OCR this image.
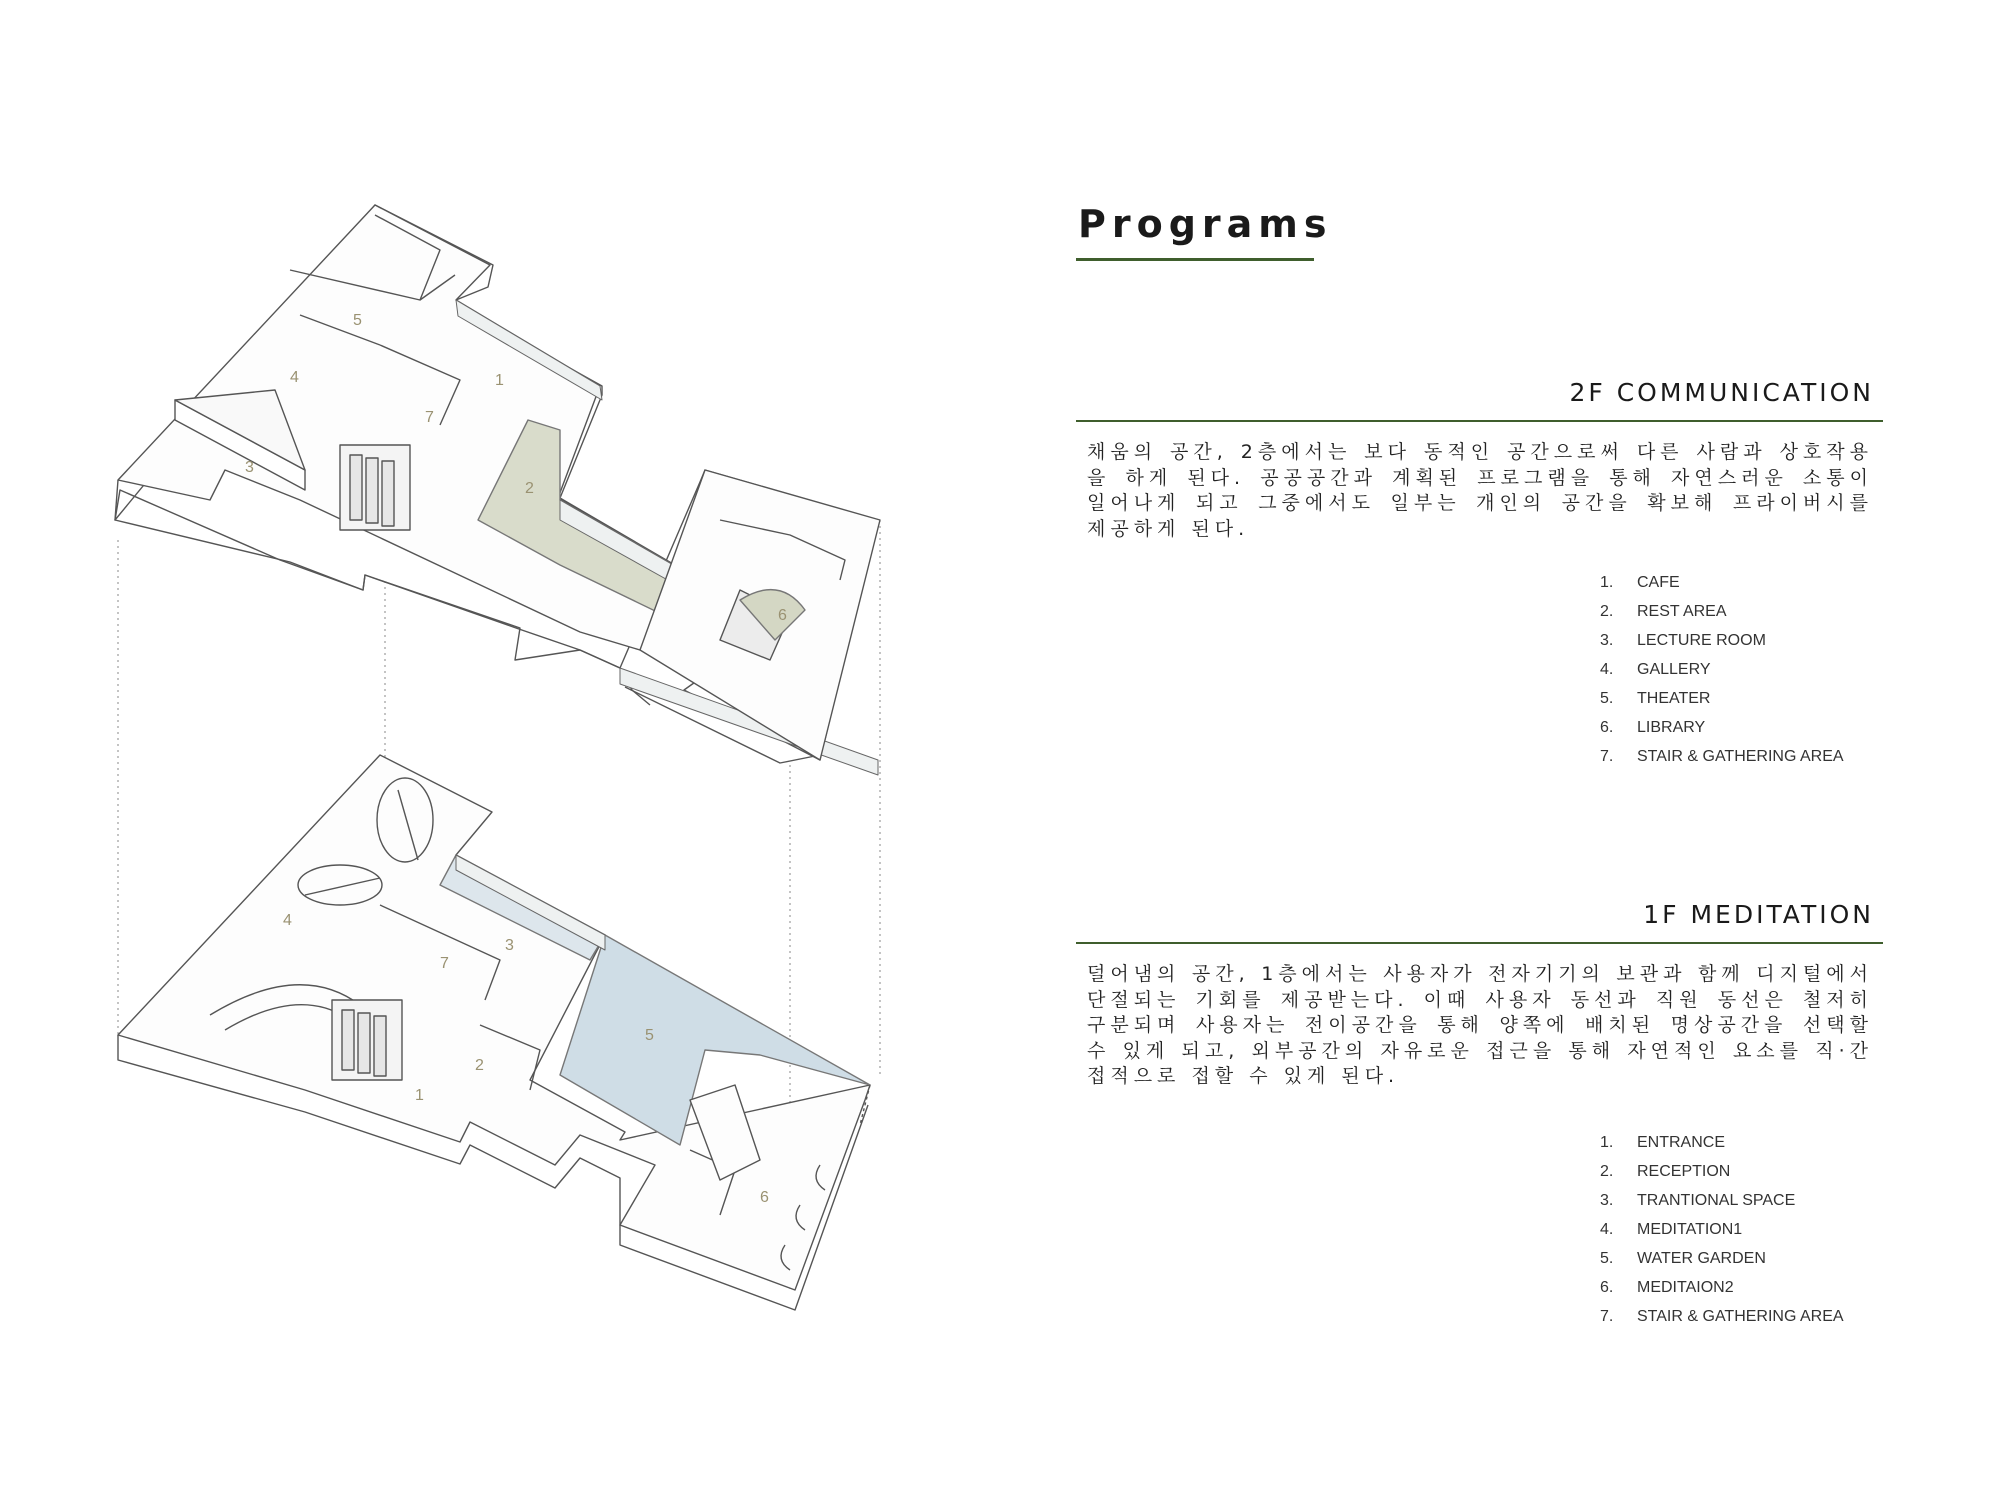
1
2
3
4
5
6
7
1
2
3
4
5
6
7
Programs
2F COMMUNICATION
채움의 공간, 2층에서는 보다 동적인 공간으로써 다른 사람과 상호작용을 하게 된다. 공공공간과 계획된 프로그램을 통해 자연스러운 소통이 일어나게 되고 그중에서도 일부는 개인의 공간을 확보해 프라이버시를 제공하게 된다.
1.	CAFE
2.	REST AREA
3.	LECTURE ROOM
4.	GALLERY
5.	THEATER
6.	LIBRARY
7.	STAIR & GATHERING AREA
1F MEDITATION
덜어냄의 공간, 1층에서는 사용자가 전자기기의 보관과 함께 디지털에서 단절되는 기회를 제공받는다. 이때 사용자 동선과 직원 동선은 철저히 구분되며 사용자는 전이공간을 통해 양쪽에 배치된 명상공간을 선택할 수 있게 되고, 외부공간의 자유로운 접근을 통해 자연적인 요소를 직·간접적으로 접할 수 있게 된다.
1.	ENTRANCE
2.	RECEPTION
3.	TRANTIONAL SPACE
4.	MEDITATION1
5.	WATER GARDEN
6.	MEDITAION2
7.	STAIR & GATHERING AREA
